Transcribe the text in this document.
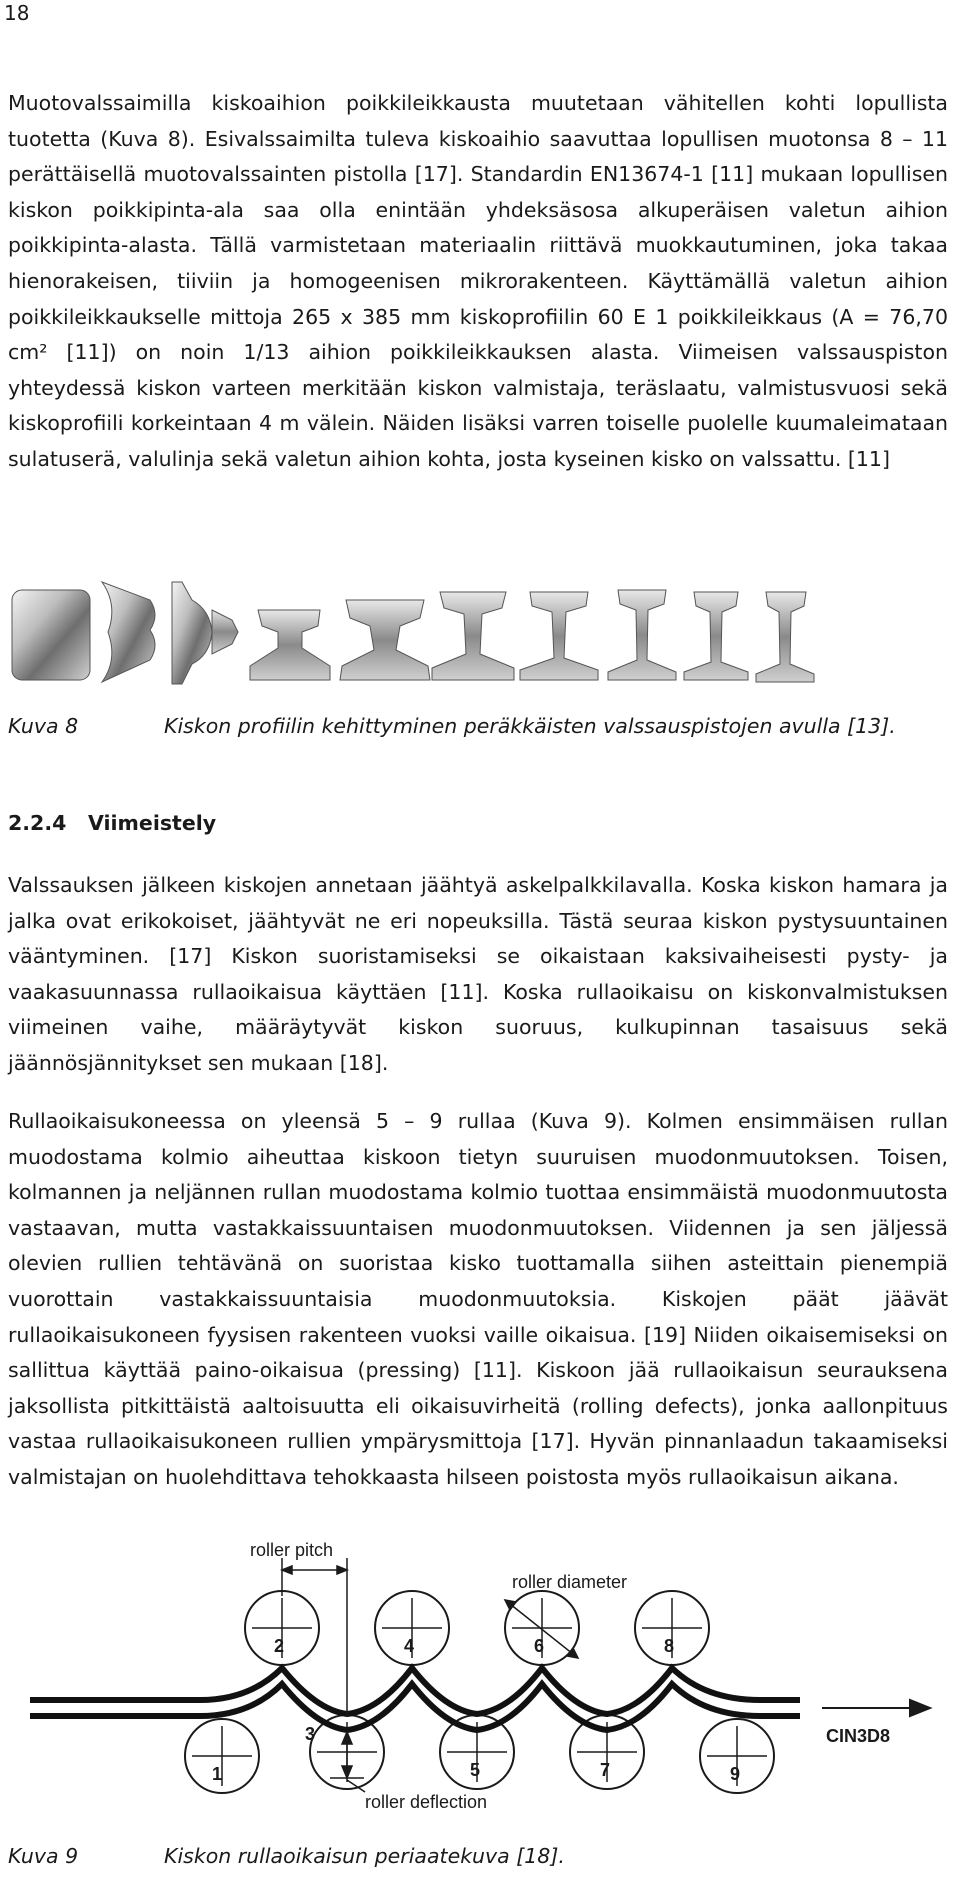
18

Muotovalssaimilla kiskoaihion poikkileikkausta muutetaan vähitellen kohti lopullista tuotetta (Kuva 8). Esivalssaimilta tuleva kiskoaihio saavuttaa lopullisen muotonsa 8 – 11 perättäisellä muotovalssainten pistolla [17]. Standardin EN13674-1 [11] mukaan lopullisen kiskon poikkipinta-ala saa olla enintään yhdeksäsosa alkuperäisen valetun aihion poikkipinta-alasta. Tällä varmistetaan materiaalin riittävä muokkautuminen, joka takaa hienorakeisen, tiiviin ja homogeenisen mikrorakenteen. Käyttämällä valetun aihion poikkileikkaukselle mittoja 265 x 385 mm kiskoprofiilin 60 E 1 poikkileikkaus (A = 76,70 cm² [11]) on noin 1/13 aihion poikkileikkauksen alasta. Viimeisen valssauspiston yhteydessä kiskon varteen merkitään kiskon valmistaja, teräslaatu, valmistusvuosi sekä kiskoprofiili korkeintaan 4 m välein. Näiden lisäksi varren toiselle puolelle kuumaleimataan sulatuserä, valulinja sekä valetun aihion kohta, josta kyseinen kisko on valssattu. [11]

Kuva 8	Kiskon profiilin kehittyminen peräkkäisten valssauspistojen avulla [13].
2.2.4 Viimeistely

Valssauksen jälkeen kiskojen annetaan jäähtyä askelpalkkilavalla. Koska kiskon hamara ja jalka ovat erikokoiset, jäähtyvät ne eri nopeuksilla. Tästä seuraa kiskon pystysuuntainen vääntyminen. [17] Kiskon suoristamiseksi se oikaistaan kaksivaiheisesti pysty- ja vaakasuunnassa rullaoikaisua käyttäen [11]. Koska rullaoikaisu on kiskonvalmistuksen viimeinen vaihe, määräytyvät kiskon suoruus, kulkupinnan tasaisuus sekä jäännösjännitykset sen mukaan [18].

Rullaoikaisukoneessa on yleensä 5 – 9 rullaa (Kuva 9). Kolmen ensimmäisen rullan muodostama kolmio aiheuttaa kiskoon tietyn suuruisen muodonmuutoksen. Toisen, kolmannen ja neljännen rullan muodostama kolmio tuottaa ensimmäistä muodonmuutosta vastaavan, mutta vastakkaissuuntaisen muodonmuutoksen. Viidennen ja sen jäljessä olevien rullien tehtävänä on suoristaa kisko tuottamalla siihen asteittain pienempiä vuorottain vastakkaissuuntaisia muodonmuutoksia. Kiskojen päät jäävät rullaoikaisukoneen fyysisen rakenteen vuoksi vaille oikaisua. [19] Niiden oikaisemiseksi on sallittua käyttää paino-oikaisua (pressing) [11]. Kiskoon jää rullaoikaisun seurauksena jaksollista pitkittäistä aaltoisuutta eli oikaisuvirheitä (rolling defects), jonka aallonpituus vastaa rullaoikaisukoneen rullien ympärysmittoja [17]. Hyvän pinnanlaadun takaamiseksi valmistajan on huolehdittava tehokkaasta hilseen poistosta myös rullaoikaisun aikana.

roller pitch
roller diameter
roller deflection
CIN3D8
1
2
3
4
5
6
7
8
9
Kuva 9	Kiskon rullaoikaisun periaatekuva [18].
